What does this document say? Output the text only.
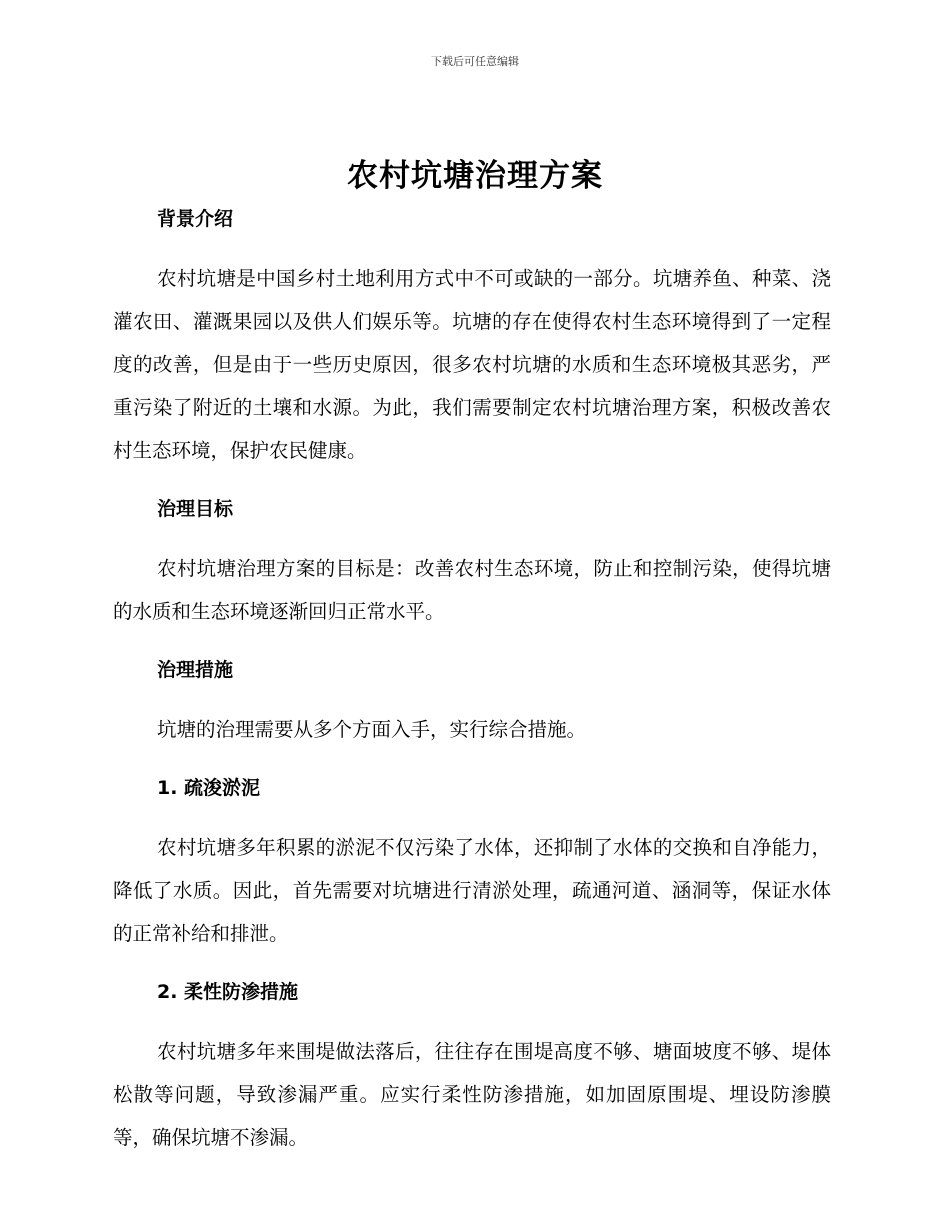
下载后可任意编辑
农村坑塘治理方案
背景介绍

农村坑塘是中国乡村土地利用方式中不可或缺的一部分。坑塘养鱼、种菜、浇灌农田、灌溉果园以及供人们娱乐等。坑塘的存在使得农村生态环境得到了一定程度的改善，但是由于一些历史原因，很多农村坑塘的水质和生态环境极其恶劣，严重污染了附近的土壤和水源。为此，我们需要制定农村坑塘治理方案，积极改善农村生态环境，保护农民健康。

治理目标

农村坑塘治理方案的目标是：改善农村生态环境，防止和控制污染，使得坑塘的水质和生态环境逐渐回归正常水平。

治理措施

坑塘的治理需要从多个方面入手，实行综合措施。

1. 疏浚淤泥

农村坑塘多年积累的淤泥不仅污染了水体，还抑制了水体的交换和自净能力，降低了水质。因此，首先需要对坑塘进行清淤处理，疏通河道、涵洞等，保证水体的正常补给和排泄。

2. 柔性防渗措施

农村坑塘多年来围堤做法落后，往往存在围堤高度不够、塘面坡度不够、堤体松散等问题，导致渗漏严重。应实行柔性防渗措施，如加固原围堤、埋设防渗膜等，确保坑塘不渗漏。
